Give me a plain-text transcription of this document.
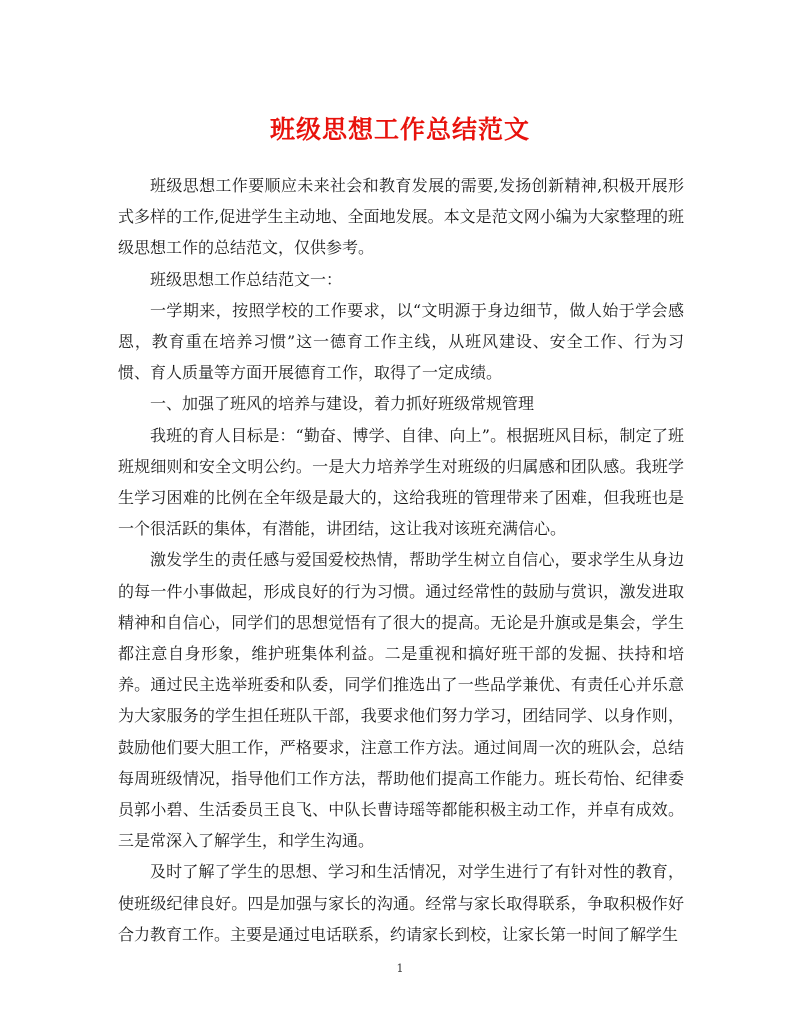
班级思想工作总结范文

班级思想工作要顺应未来社会和教育发展的需要,发扬创新精神,积极开展形式多样的工作,促进学生主动地、全面地发展。本文是范文网小编为大家整理的班级思想工作的总结范文，仅供参考。

班级思想工作总结范文一：

一学期来，按照学校的工作要求，以“文明源于身边细节，做人始于学会感恩，教育重在培养习惯”这一德育工作主线，从班风建设、安全工作、行为习惯、育人质量等方面开展德育工作，取得了一定成绩。

一、加强了班风的培养与建设，着力抓好班级常规管理

我班的育人目标是：“勤奋、博学、自律、向上”。根据班风目标，制定了班班规细则和安全文明公约。一是大力培养学生对班级的归属感和团队感。我班学生学习困难的比例在全年级是最大的，这给我班的管理带来了困难，但我班也是一个很活跃的集体，有潜能，讲团结，这让我对该班充满信心。

激发学生的责任感与爱国爱校热情，帮助学生树立自信心，要求学生从身边的每一件小事做起，形成良好的行为习惯。通过经常性的鼓励与赏识，激发进取精神和自信心，同学们的思想觉悟有了很大的提高。无论是升旗或是集会，学生都注意自身形象，维护班集体利益。二是重视和搞好班干部的发掘、扶持和培养。通过民主选举班委和队委，同学们推选出了一些品学兼优、有责任心并乐意为大家服务的学生担任班队干部，我要求他们努力学习，团结同学、以身作则，鼓励他们要大胆工作，严格要求，注意工作方法。通过间周一次的班队会，总结每周班级情况，指导他们工作方法，帮助他们提高工作能力。班长苟怡、纪律委员郭小碧、生活委员王良飞、中队长曹诗瑶等都能积极主动工作，并卓有成效。三是常深入了解学生，和学生沟通。

及时了解了学生的思想、学习和生活情况，对学生进行了有针对性的教育，使班级纪律良好。四是加强与家长的沟通。经常与家长取得联系，争取积极作好合力教育工作。主要是通过电话联系，约请家长到校，让家长第一时间了解学生

1
